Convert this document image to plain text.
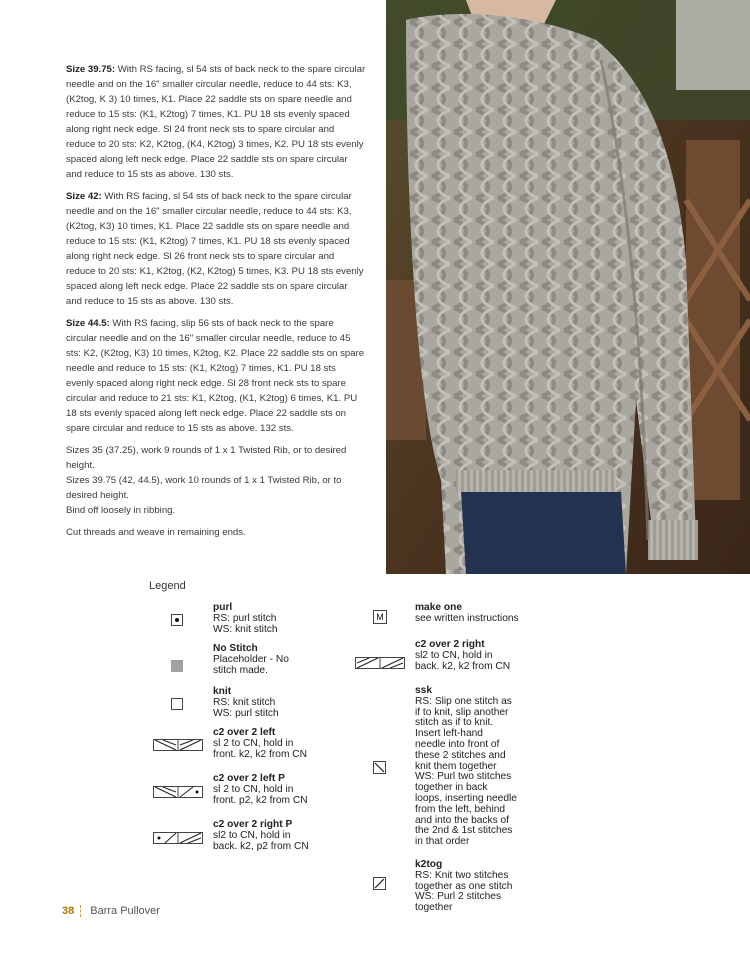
Size 39.75: With RS facing, sl 54 sts of back neck to the spare circular needle and on the 16" smaller circular needle, reduce to 44 sts: K3, (K2tog, K 3) 10 times, K1. Place 22 saddle sts on spare needle and reduce to 15 sts: (K1, K2tog) 7 times, K1. PU 18 sts evenly spaced along right neck edge. Sl 24 front neck sts to spare circular and reduce to 20 sts: K2, K2tog, (K4, K2tog) 3 times, K2. PU 18 sts evenly spaced along left neck edge. Place 22 saddle sts on spare circular and reduce to 15 sts as above. 130 sts.

Size 42: With RS facing, sl 54 sts of back neck to the spare circular needle and on the 16" smaller circular needle, reduce to 44 sts: K3, (K2tog, K3) 10 times, K1. Place 22 saddle sts on spare needle and reduce to 15 sts: (K1, K2tog) 7 times, K1. PU 18 sts evenly spaced along right neck edge. Sl 26 front neck sts to spare circular and reduce to 20 sts: K1, K2tog, (K2, K2tog) 5 times, K3. PU 18 sts evenly spaced along left neck edge. Place 22 saddle sts on spare circular and reduce to 15 sts as above. 130 sts.

Size 44.5: With RS facing, slip 56 sts of back neck to the spare circular needle and on the 16" smaller circular needle, reduce to 45 sts: K2, (K2tog, K3) 10 times, K2tog, K2. Place 22 saddle sts on spare needle and reduce to 15 sts: (K1, K2tog) 7 times, K1. PU 18 sts evenly spaced along right neck edge. Sl 28 front neck sts to spare circular and reduce to 21 sts: K1, K2tog, (K1, K2tog) 6 times, K1. PU 18 sts evenly spaced along left neck edge. Place 22 saddle sts on spare circular and reduce to 15 sts as above. 132 sts.

Sizes 35 (37.25), work 9 rounds of 1 x 1 Twisted Rib, or to desired height.
Sizes 39.75 (42, 44.5), work 10 rounds of 1 x 1 Twisted Rib, or to desired height.
Bind off loosely in ribbing.

Cut threads and weave in remaining ends.

Legend
purl
RS: purl stitch
WS: knit stitch
No Stitch
Placeholder - No
stitch made.
knit
RS: knit stitch
WS: purl stitch
c2 over 2 left
sl 2 to CN, hold in
front. k2, k2 from CN
c2 over 2 left P
sl 2 to CN, hold in
front. p2, k2 from CN
c2 over 2 right P
sl2 to CN, hold in
back. k2, p2 from CN
M
make one
see written instructions
c2 over 2 right
sl2 to CN, hold in
back. k2, k2 from CN
ssk
RS: Slip one stitch as
if to knit, slip another
stitch as if to knit.
Insert left-hand
needle into front of
these 2 stitches and
knit them together
WS: Purl two stitches
together in back
loops, inserting needle
from the left, behind
and into the backs of
the 2nd & 1st stitches
in that order
k2tog
RS: Knit two stitches
together as one stitch
WS: Purl 2 stitches
together
38 Barra Pullover
